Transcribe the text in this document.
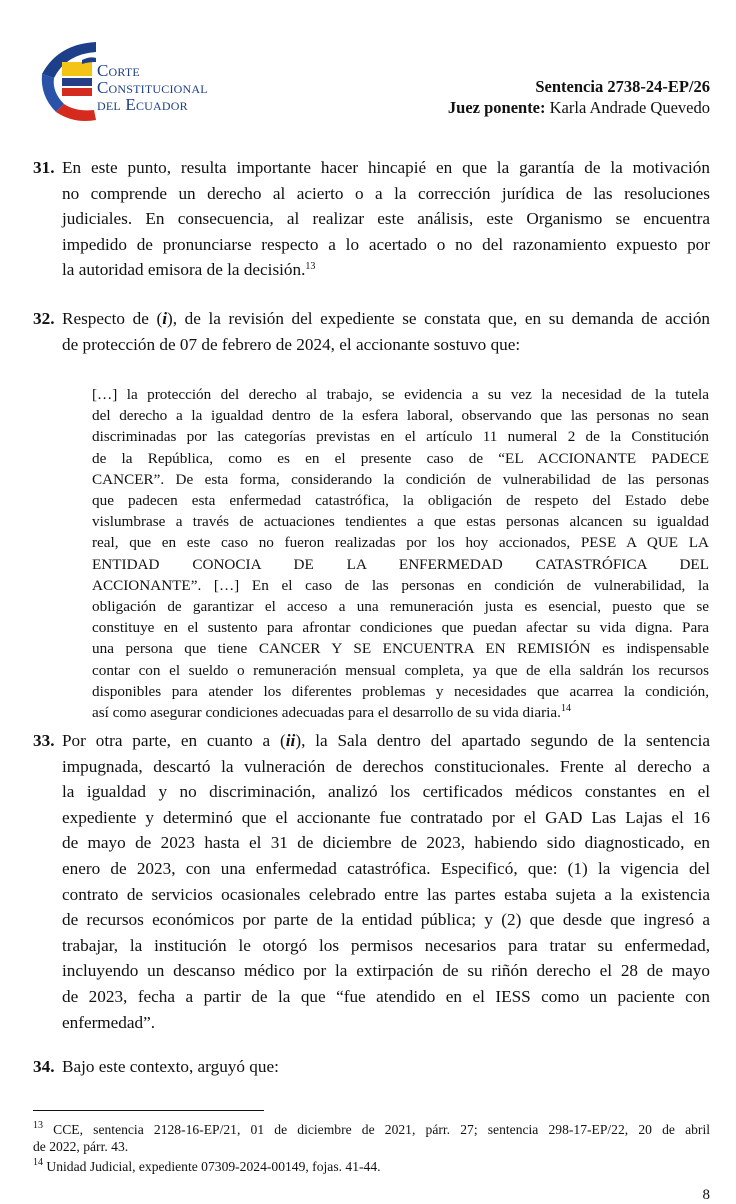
Corte
Constitucional
del Ecuador
Sentencia 2738-24-EP/26
Juez ponente: Karla Andrade Quevedo
31. En este punto, resulta importante hacer hincapié en que la garantía de la motivación
no comprende un derecho al acierto o a la corrección jurídica de las resoluciones
judiciales. En consecuencia, al realizar este análisis, este Organismo se encuentra
impedido de pronunciarse respecto a lo acertado o no del razonamiento expuesto por
la autoridad emisora de la decisión.$^{13}$
32. Respecto de (i), de la revisión del expediente se constata que, en su demanda de acción
de protección de 07 de febrero de 2024, el accionante sostuvo que:
[…] la protección del derecho al trabajo, se evidencia a su vez la necesidad de la tutela
del derecho a la igualdad dentro de la esfera laboral, observando que las personas no sean
discriminadas por las categorías previstas en el artículo 11 numeral 2 de la Constitución
de la República, como es en el presente caso de “EL ACCIONANTE PADECE
CANCER”. De esta forma, considerando la condición de vulnerabilidad de las personas
que padecen esta enfermedad catastrófica, la obligación de respeto del Estado debe
vislumbrase a través de actuaciones tendientes a que estas personas alcancen su igualdad
real, que en este caso no fueron realizadas por los hoy accionados, PESE A QUE LA
ENTIDAD CONOCIA DE LA ENFERMEDAD CATASTRÓFICA DEL
ACCIONANTE”. […] En el caso de las personas en condición de vulnerabilidad, la
obligación de garantizar el acceso a una remuneración justa es esencial, puesto que se
constituye en el sustento para afrontar condiciones que puedan afectar su vida digna. Para
una persona que tiene CANCER Y SE ENCUENTRA EN REMISIÓN es indispensable
contar con el sueldo o remuneración mensual completa, ya que de ella saldrán los recursos
disponibles para atender los diferentes problemas y necesidades que acarrea la condición,
así como asegurar condiciones adecuadas para el desarrollo de su vida diaria.$^{14}$
33. Por otra parte, en cuanto a (ii), la Sala dentro del apartado segundo de la sentencia
impugnada, descartó la vulneración de derechos constitucionales. Frente al derecho a
la igualdad y no discriminación, analizó los certificados médicos constantes en el
expediente y determinó que el accionante fue contratado por el GAD Las Lajas el 16
de mayo de 2023 hasta el 31 de diciembre de 2023, habiendo sido diagnosticado, en
enero de 2023, con una enfermedad catastrófica. Especificó, que: (1) la vigencia del
contrato de servicios ocasionales celebrado entre las partes estaba sujeta a la existencia
de recursos económicos por parte de la entidad pública; y (2) que desde que ingresó a
trabajar, la institución le otorgó los permisos necesarios para tratar su enfermedad,
incluyendo un descanso médico por la extirpación de su riñón derecho el 28 de mayo
de 2023, fecha a partir de la que “fue atendido en el IESS como un paciente con
enfermedad”.
34. Bajo este contexto, arguyó que:
$^{13}$ CCE, sentencia 2128-16-EP/21, 01 de diciembre de 2021, párr. 27; sentencia 298-17-EP/22, 20 de abril
de 2022, párr. 43.
$^{14}$ Unidad Judicial, expediente 07309-2024-00149, fojas. 41-44.
8
